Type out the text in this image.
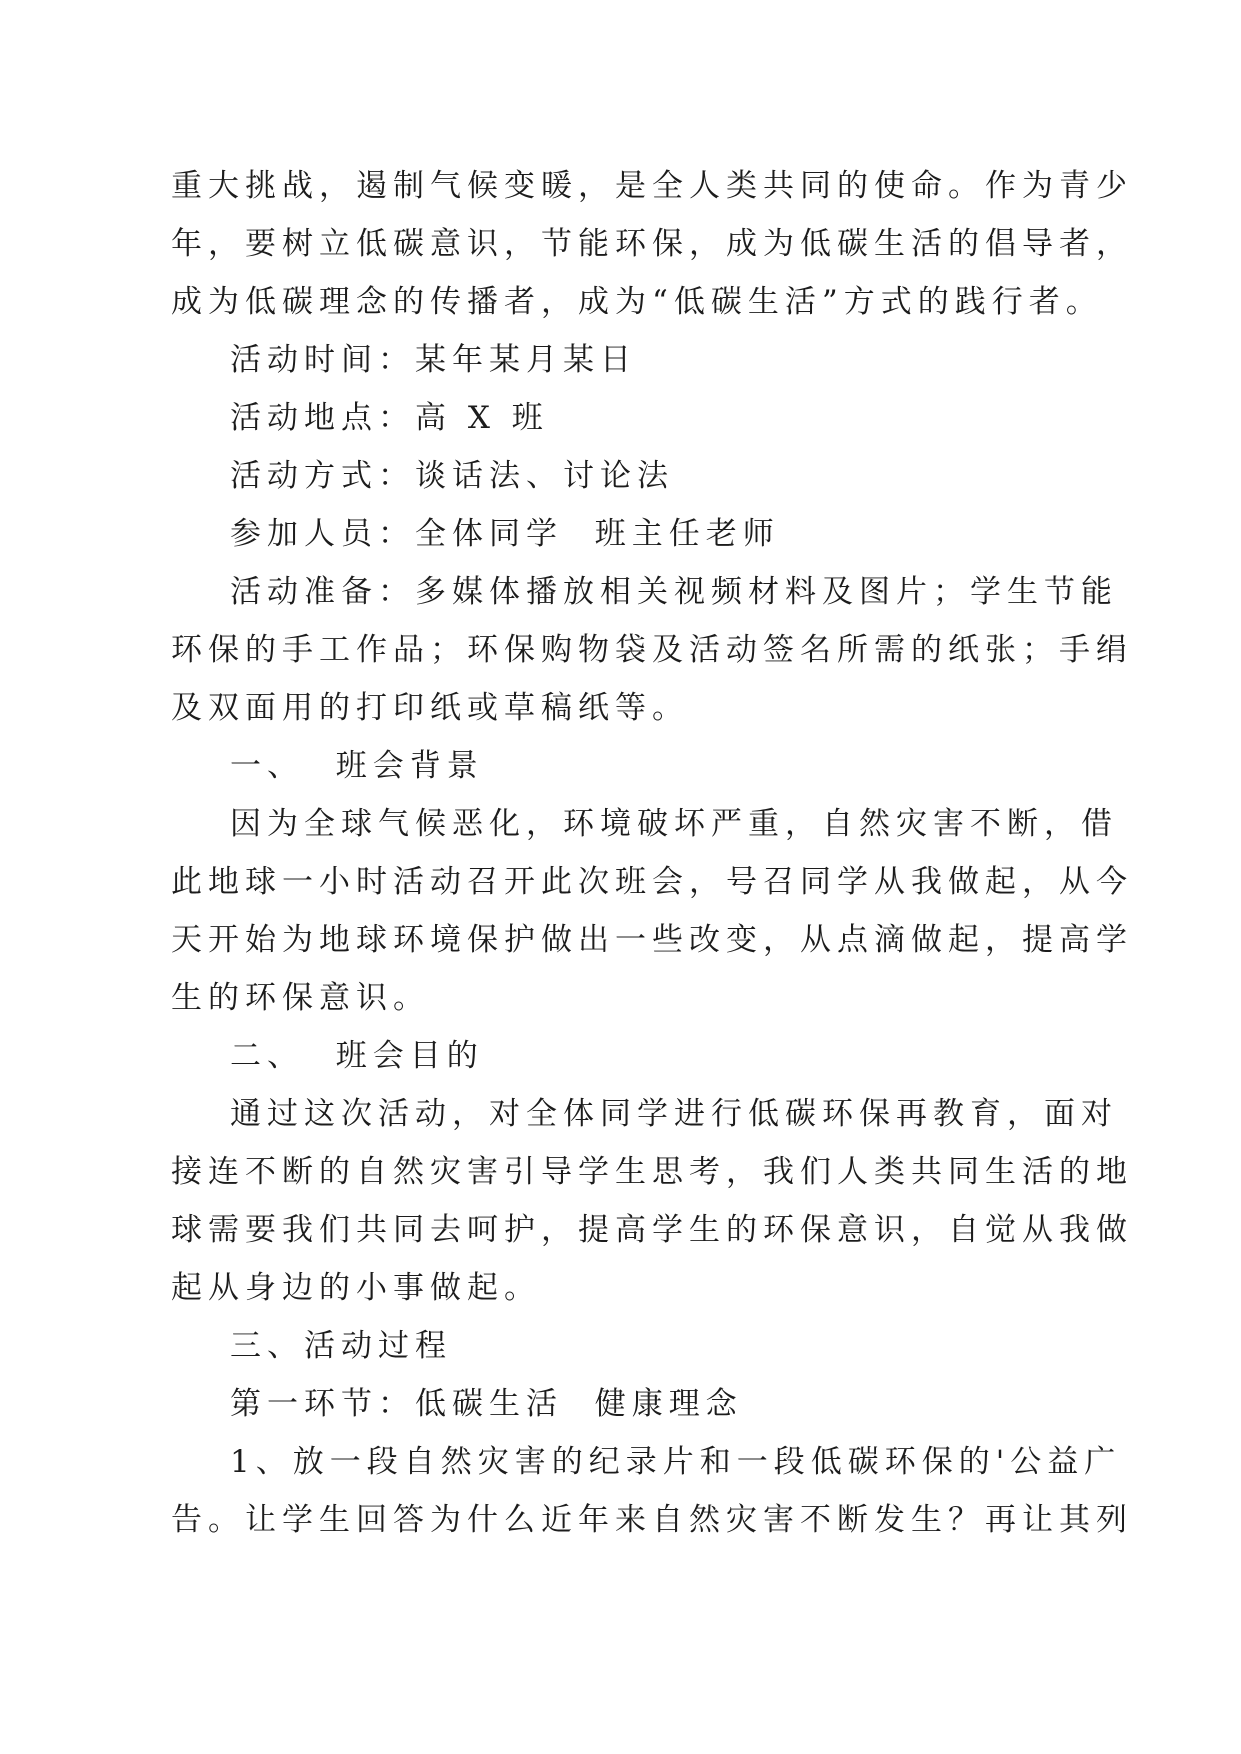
重大挑战，遏制气候变暖，是全人类共同的使命。作为青少
年，要树立低碳意识，节能环保，成为低碳生活的倡导者，
成为低碳理念的传播者，成为“低碳生活”方式的践行者。
活动时间：某年某月某日
活动地点：高 X 班
活动方式：谈话法、讨论法
参加人员：全体同学  班主任老师
活动准备：多媒体播放相关视频材料及图片；学生节能
环保的手工作品；环保购物袋及活动签名所需的纸张；手绢
及双面用的打印纸或草稿纸等。
一、  班会背景
因为全球气候恶化，环境破坏严重，自然灾害不断，借
此地球一小时活动召开此次班会，号召同学从我做起，从今
天开始为地球环境保护做出一些改变，从点滴做起，提高学
生的环保意识。
二、  班会目的
通过这次活动，对全体同学进行低碳环保再教育，面对
接连不断的自然灾害引导学生思考，我们人类共同生活的地
球需要我们共同去呵护，提高学生的环保意识，自觉从我做
起从身边的小事做起。
三、活动过程
第一环节：低碳生活  健康理念
1、放一段自然灾害的纪录片和一段低碳环保的'公益广
告。让学生回答为什么近年来自然灾害不断发生？再让其列
